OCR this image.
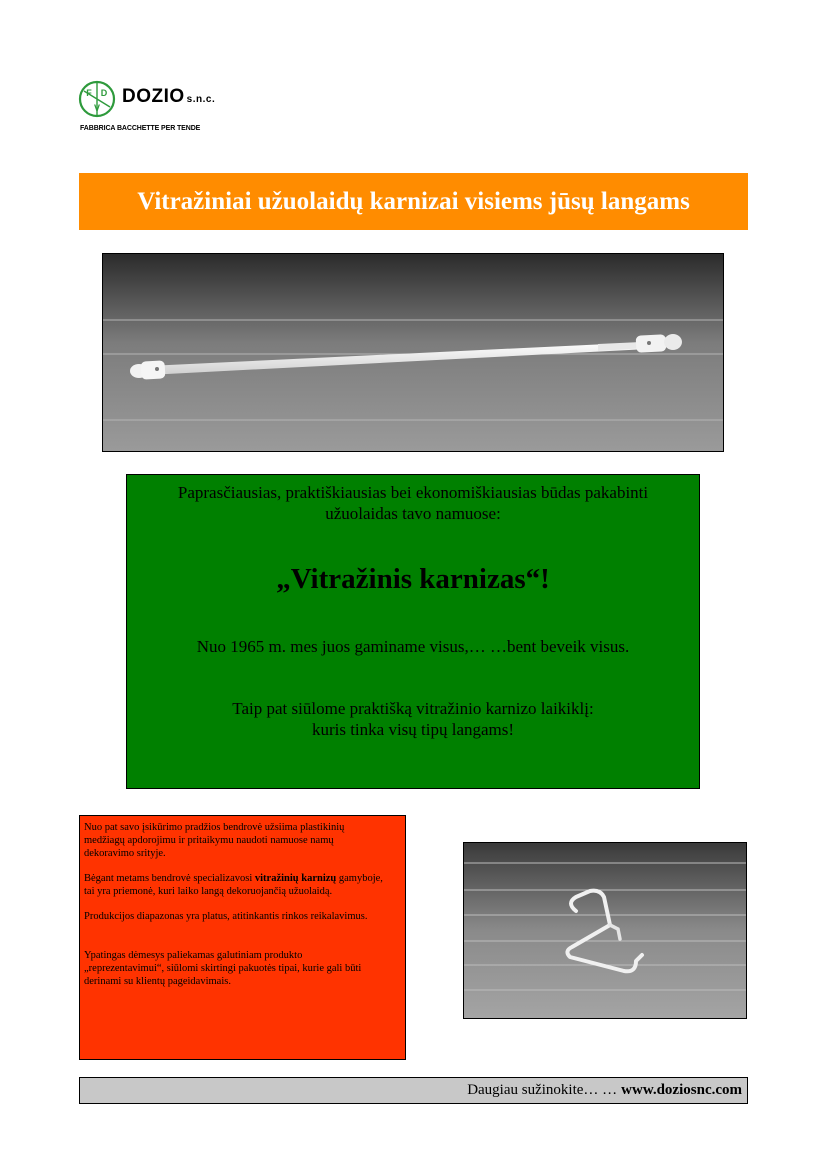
F D
V
DOZIO s.n.c.
FABBRICA BACCHETTE PER TENDE
Vitražiniai užuolaidų karnizai visiems jūsų langams
Paprasčiausias, praktiškiausias bei ekonomiškiausias būdas pakabinti
užuolaidas tavo namuose:
„Vitražinis karnizas“!
Nuo 1965 m. mes juos gaminame visus,… …bent beveik visus.
Taip pat siūlome praktišką vitražinio karnizo laikiklį:
kuris tinka visų tipų langams!

Nuo pat savo įsikūrimo pradžios bendrovė užsiima plastikinių medžiagų apdorojimu ir pritaikymu naudoti namuose namų dekoravimo srityje.

Bėgant metams bendrovė specializavosi vitražinių karnizų gamyboje, tai yra priemonė, kuri laiko langą dekoruojančią užuolaidą.

Produkcijos diapazonas yra platus, atitinkantis rinkos reikalavimus.

Ypatingas dėmesys paliekamas galutiniam produkto „reprezentavimui“, siūlomi skirtingi pakuotės tipai, kurie gali būti derinami su klientų pageidavimais.

Daugiau sužinokite… … www.doziosnc.com
